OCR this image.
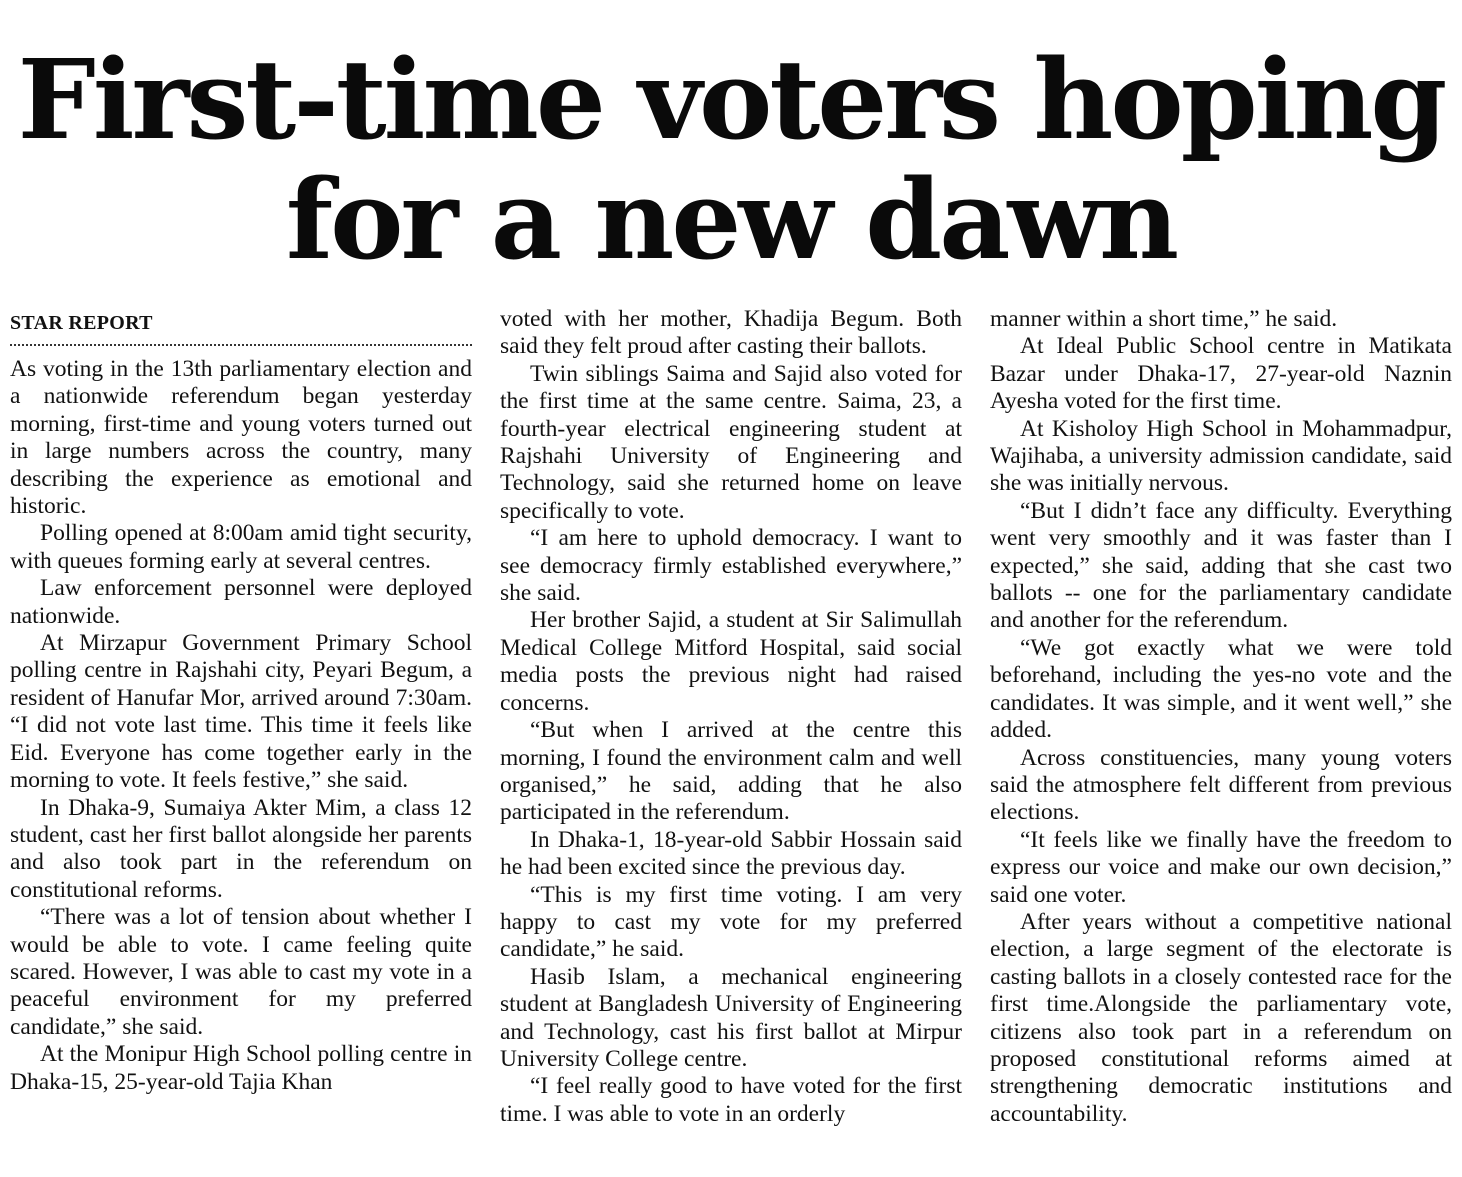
First-time voters hoping for a new dawn
STAR REPORT

As voting in the 13th parliamentary election and a nationwide referendum began yesterday morning, first-time and young voters turned out in large numbers across the country, many describing the experience as emotional and historic.

Polling opened at 8:00am amid tight security, with queues forming early at several centres.

Law enforcement personnel were deployed nationwide.

At Mirzapur Government Primary School polling centre in Rajshahi city, Peyari Begum, a resident of Hanufar Mor, arrived around 7:30am. “I did not vote last time. This time it feels like Eid. Everyone has come together early in the morning to vote. It feels festive,” she said.

In Dhaka-9, Sumaiya Akter Mim, a class 12 student, cast her first ballot alongside her parents and also took part in the referendum on constitutional reforms.

“There was a lot of tension about whether I would be able to vote. I came feeling quite scared. However, I was able to cast my vote in a peaceful environment for my preferred candidate,” she said.

At the Monipur High School polling centre in Dhaka-15, 25-year-old Tajia Khan

voted with her mother, Khadija Begum. Both said they felt proud after casting their ballots.

Twin siblings Saima and Sajid also voted for the first time at the same centre. Saima, 23, a fourth-year electrical engineering student at Rajshahi University of Engineering and Technology, said she returned home on leave specifically to vote.

“I am here to uphold democracy. I want to see democracy firmly established everywhere,” she said.

Her brother Sajid, a student at Sir Salimullah Medical College Mitford Hospital, said social media posts the previous night had raised concerns.

“But when I arrived at the centre this morning, I found the environment calm and well organised,” he said, adding that he also participated in the referendum.

In Dhaka-1, 18-year-old Sabbir Hossain said he had been excited since the previous day.

“This is my first time voting. I am very happy to cast my vote for my preferred candidate,” he said.

Hasib Islam, a mechanical engineering student at Bangladesh University of Engineering and Technology, cast his first ballot at Mirpur University College centre.

“I feel really good to have voted for the first time. I was able to vote in an orderly

manner within a short time,” he said.

At Ideal Public School centre in Matikata Bazar under Dhaka-17, 27-year-old Naznin Ayesha voted for the first time.

At Kisholoy High School in Mohammadpur, Wajihaba, a university admission candidate, said she was initially nervous.

“But I didn’t face any difficulty. Everything went very smoothly and it was faster than I expected,” she said, adding that she cast two ballots -- one for the parliamentary candidate and another for the referendum.

“We got exactly what we were told beforehand, including the yes-no vote and the candidates. It was simple, and it went well,” she added.

Across constituencies, many young voters said the atmosphere felt different from previous elections.

“It feels like we finally have the freedom to express our voice and make our own decision,” said one voter.

After years without a competitive national election, a large segment of the electorate is casting ballots in a closely contested race for the first time.Alongside the parliamentary vote, citizens also took part in a referendum on proposed constitutional reforms aimed at strengthening democratic institutions and accountability.
